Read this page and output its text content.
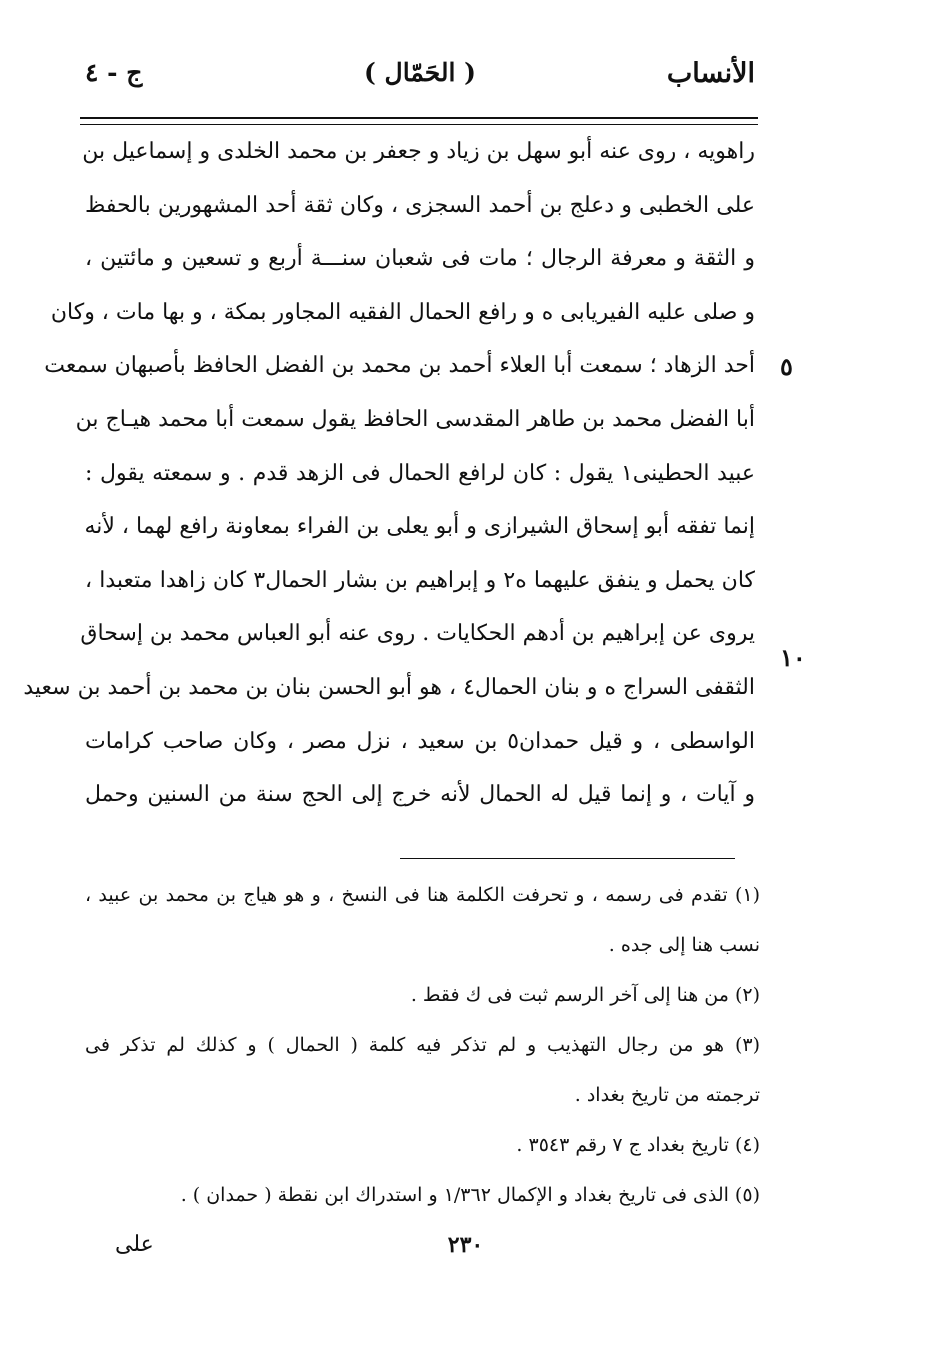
الأنساب
( الحَمّال )
ج - ٤
راهويه ، روى عنه أبو سهل بن زياد و جعفر بن محمد الخلدى و إسماعيل بن
على الخطبى و دعلج بن أحمد السجزى ، وكان ثقة أحد المشهورين بالحفظ
و الثقة و معرفة الرجال ؛ مات فى شعبان سنـــة أربع و تسعين و مائتين ،
و صلى عليه الفيريابى ه و رافع الحمال الفقيه المجاور بمكة ، و بها مات ، وكان
أحد الزهاد ؛ سمعت أبا العلاء أحمد بن محمد بن الفضل الحافظ بأصبهان سمعت
أبا الفضل محمد بن طاهر المقدسى الحافظ يقول سمعت أبا محمد هيـاج بن
عبيد الحطينى١ يقول : كان لرافع الحمال فى الزهد قدم . و سمعته يقول :
إنما تفقه أبو إسحاق الشيرازى و أبو يعلى بن الفراء بمعاونة رافع لهما ، لأنه
كان يحمل و ينفق عليهما ه٢ و إبراهيم بن بشار الحمال٣ كان زاهدا متعبدا ،
يروى عن إبراهيم بن أدهم الحكايات . روى عنه أبو العباس محمد بن إسحاق
الثقفى السراج ه و بنان الحمال٤ ، هو أبو الحسن بنان بن محمد بن أحمد بن سعيد
الواسطى ، و قيل حمدان٥ بن سعيد ، نزل مصر ، وكان صاحب كرامات
و آيات ، و إنما قيل له الحمال لأنه خرج إلى الحج سنة من السنين وحمل
٥
١٠
(١) تقدم فى رسمه ، و تحرفت الكلمة هنا فى النسخ ، و هو هياج بن محمد بن عبيد ،
نسب هنا إلى جده .
(٢) من هنا إلى آخر الرسم ثبت فى ك فقط .
(٣) هو من رجال التهذيب و لم تذكر فيه كلمة ( الحمال ) و كذلك لم تذكر فى
ترجمته من تاريخ بغداد .
(٤) تاريخ بغداد ج ٧ رقم ٣٥٤٣ .
(٥) الذى فى تاريخ بغداد و الإكمال ١/٣٦٢ و استدراك ابن نقطة ( حمدان ) .
٢٣٠
على
